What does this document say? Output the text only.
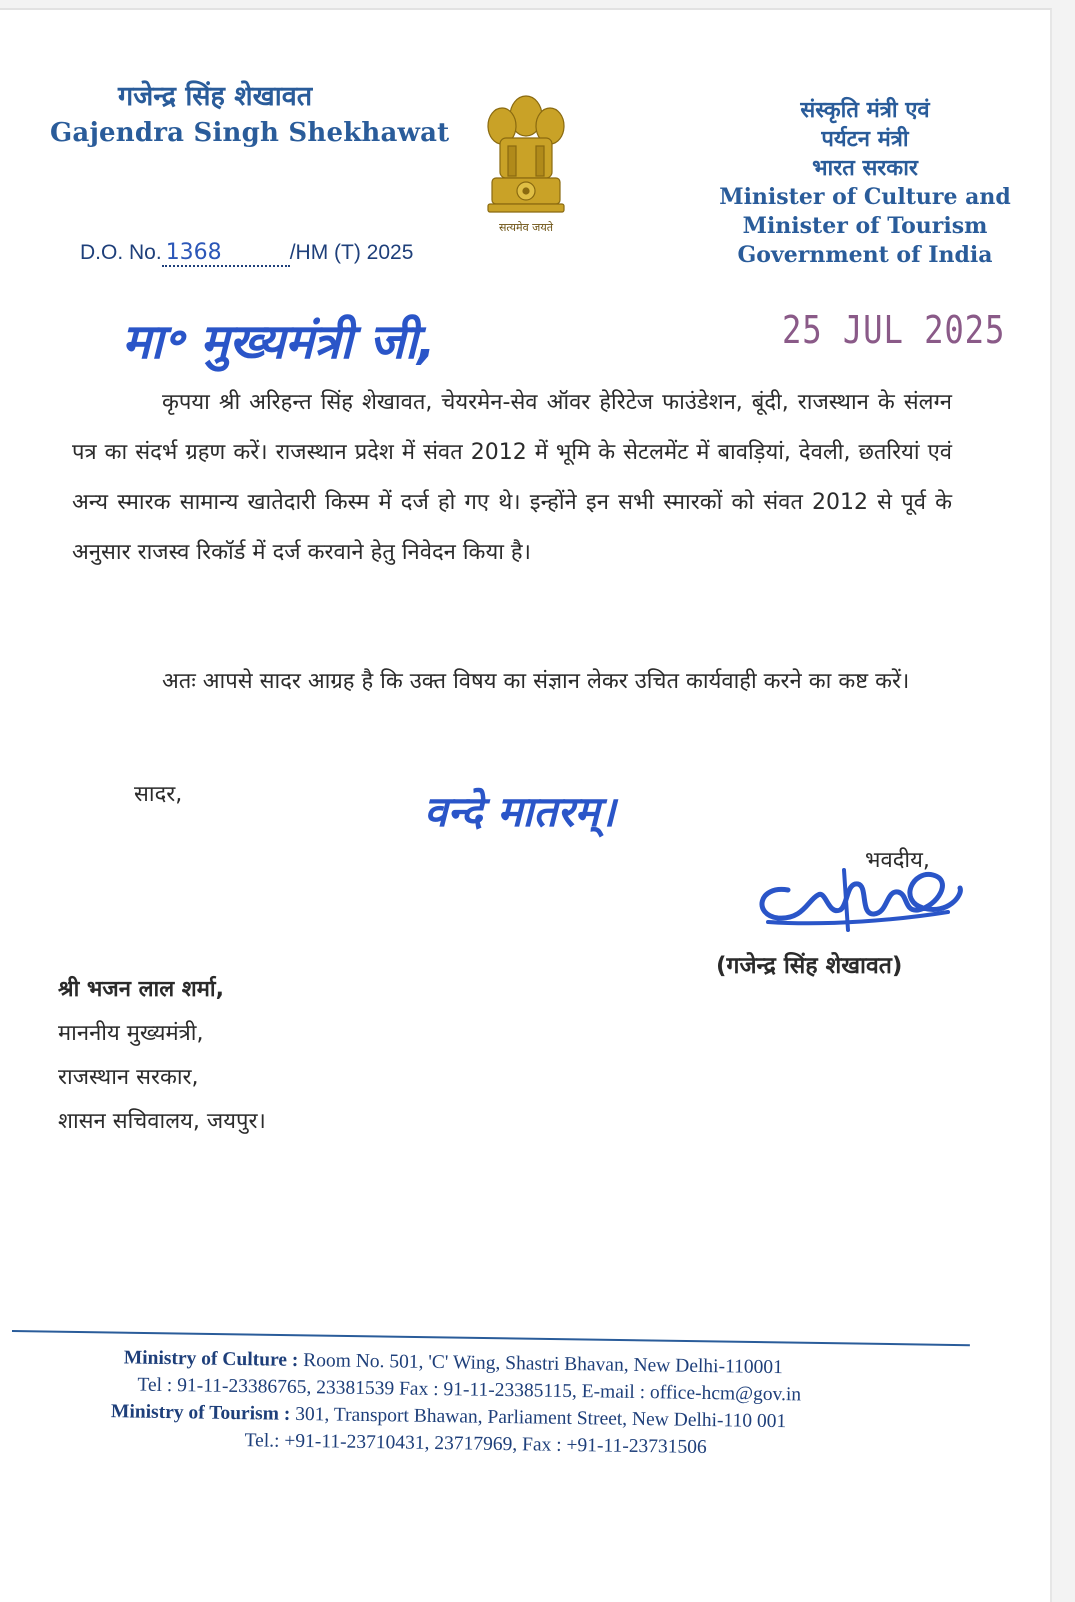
गजेन्द्र सिंह शेखावत
Gajendra Singh Shekhawat
सत्यमेव जयते
संस्कृति मंत्री एवं
पर्यटन मंत्री
भारत सरकार
Minister of Culture and
Minister of Tourism
Government of India
D.O. No. 1368	/HM (T) 2025
25 JUL 2025
मा॰ मुख्यमंत्री जी,

कृपया श्री अरिहन्त सिंह शेखावत, चेयरमेन-सेव ऑवर हेरिटेज फाउंडेशन, बूंदी, राजस्थान के संलग्न पत्र का संदर्भ ग्रहण करें। राजस्थान प्रदेश में संवत 2012 में भूमि के सेटलमेंट में बावड़ियां, देवली, छतरियां एवं अन्य स्मारक सामान्य खातेदारी किस्म में दर्ज हो गए थे। इन्होंने इन सभी स्मारकों को संवत 2012 से पूर्व के अनुसार राजस्व रिकॉर्ड में दर्ज करवाने हेतु निवेदन किया है।

अतः आपसे सादर आग्रह है कि उक्त विषय का संज्ञान लेकर उचित कार्यवाही करने का कष्ट करें।

सादर,	वन्दे मातरम्।
भवदीय,
(गजेन्द्र सिंह शेखावत)
श्री भजन लाल शर्मा,
माननीय मुख्यमंत्री,
राजस्थान सरकार,
शासन सचिवालय, जयपुर।
Ministry of Culture : Room No. 501, 'C' Wing, Shastri Bhavan, New Delhi-110001
Tel : 91-11-23386765, 23381539 Fax : 91-11-23385115, E-mail : office-hcm@gov.in
Ministry of Tourism : 301, Transport Bhawan, Parliament Street, New Delhi-110 001
Tel.: +91-11-23710431, 23717969, Fax : +91-11-23731506
